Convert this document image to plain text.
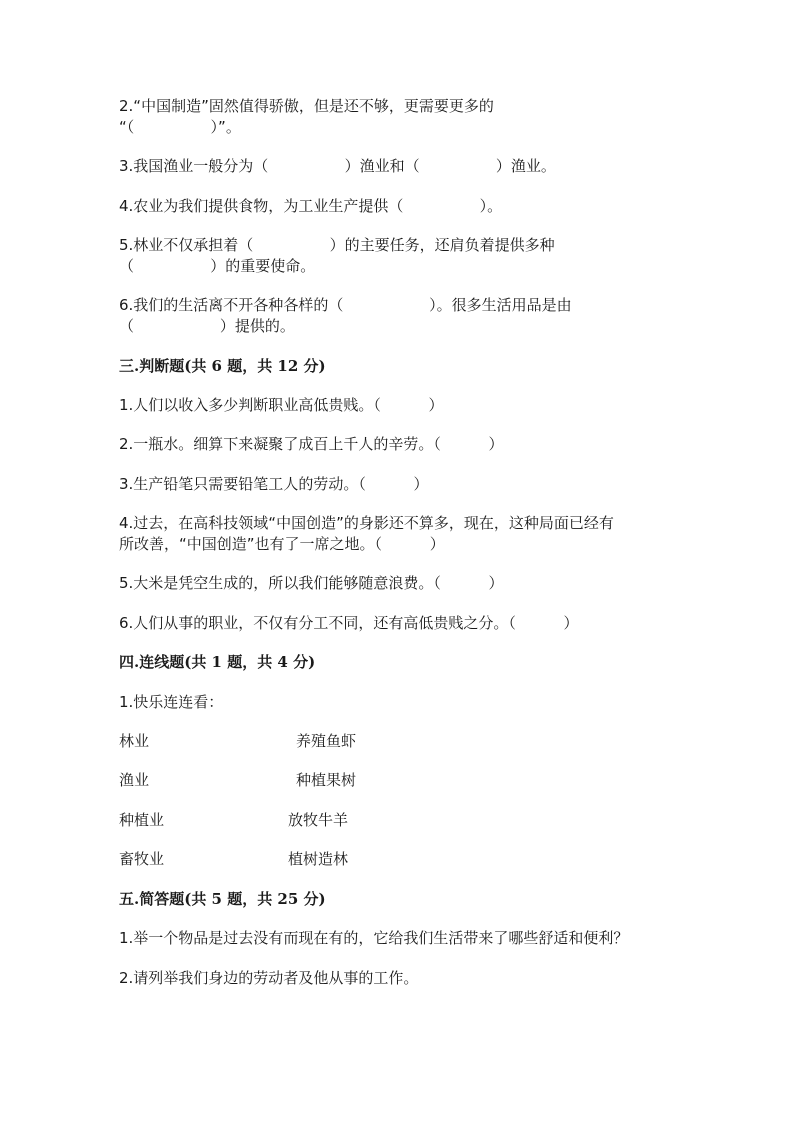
2.“中国制造”固然值得骄傲，但是还不够，更需要更多的
“（                ）”。
3.我国渔业一般分为（                ）渔业和（                ）渔业。
4.农业为我们提供食物，为工业生产提供（                ）。
5.林业不仅承担着（                ）的主要任务，还肩负着提供多种
（                ）的重要使命。
6.我们的生活离不开各种各样的（                  ）。很多生活用品是由
（                  ）提供的。
三.判断题(共 6 题，共 12 分)
1.人们以收入多少判断职业高低贵贱。（          ）
2.一瓶水。细算下来凝聚了成百上千人的辛劳。（          ）
3.生产铅笔只需要铅笔工人的劳动。（          ）
4.过去，在高科技领域“中国创造”的身影还不算多，现在，这种局面已经有
所改善，“中国创造”也有了一席之地。（          ）
5.大米是凭空生成的，所以我们能够随意浪费。（          ）
6.人们从事的职业，不仅有分工不同，还有高低贵贱之分。（          ）
四.连线题(共 1 题，共 4 分)
1.快乐连连看：
林业	养殖鱼虾
渔业	种植果树
种植业	放牧牛羊
畜牧业	植树造林
五.简答题(共 5 题，共 25 分)
1.举一个物品是过去没有而现在有的，它给我们生活带来了哪些舒适和便利？
2.请列举我们身边的劳动者及他从事的工作。
